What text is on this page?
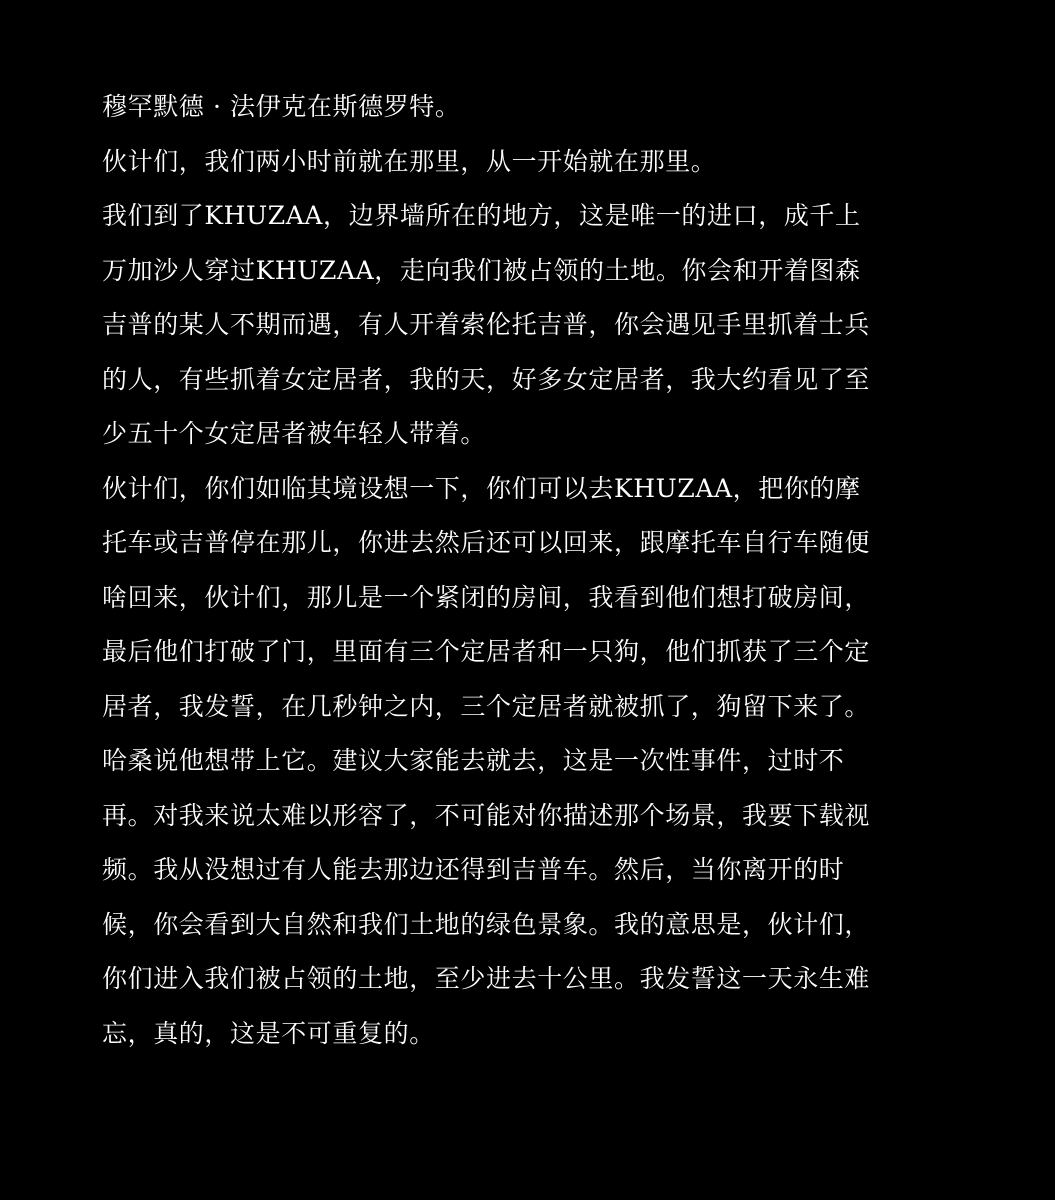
穆罕默德 · 法伊克在斯德罗特。
伙计们，我们两小时前就在那里，从一开始就在那里。
我们到了KHUZAA，边界墙所在的地方，这是唯一的进口，成千上
万加沙人穿过KHUZAA，走向我们被占领的土地。你会和开着图森
吉普的某人不期而遇，有人开着索伦托吉普，你会遇见手里抓着士兵
的人，有些抓着女定居者，我的天，好多女定居者，我大约看见了至
少五十个女定居者被年轻人带着。
伙计们，你们如临其境设想一下，你们可以去KHUZAA，把你的摩
托车或吉普停在那儿，你进去然后还可以回来，跟摩托车自行车随便
啥回来，伙计们，那儿是一个紧闭的房间，我看到他们想打破房间，
最后他们打破了门，里面有三个定居者和一只狗，他们抓获了三个定
居者，我发誓，在几秒钟之内，三个定居者就被抓了，狗留下来了。
哈桑说他想带上它。建议大家能去就去，这是一次性事件，过时不
再。对我来说太难以形容了，不可能对你描述那个场景，我要下载视
频。我从没想过有人能去那边还得到吉普车。然后，当你离开的时
候，你会看到大自然和我们土地的绿色景象。我的意思是，伙计们，
你们进入我们被占领的土地，至少进去十公里。我发誓这一天永生难
忘，真的，这是不可重复的。
